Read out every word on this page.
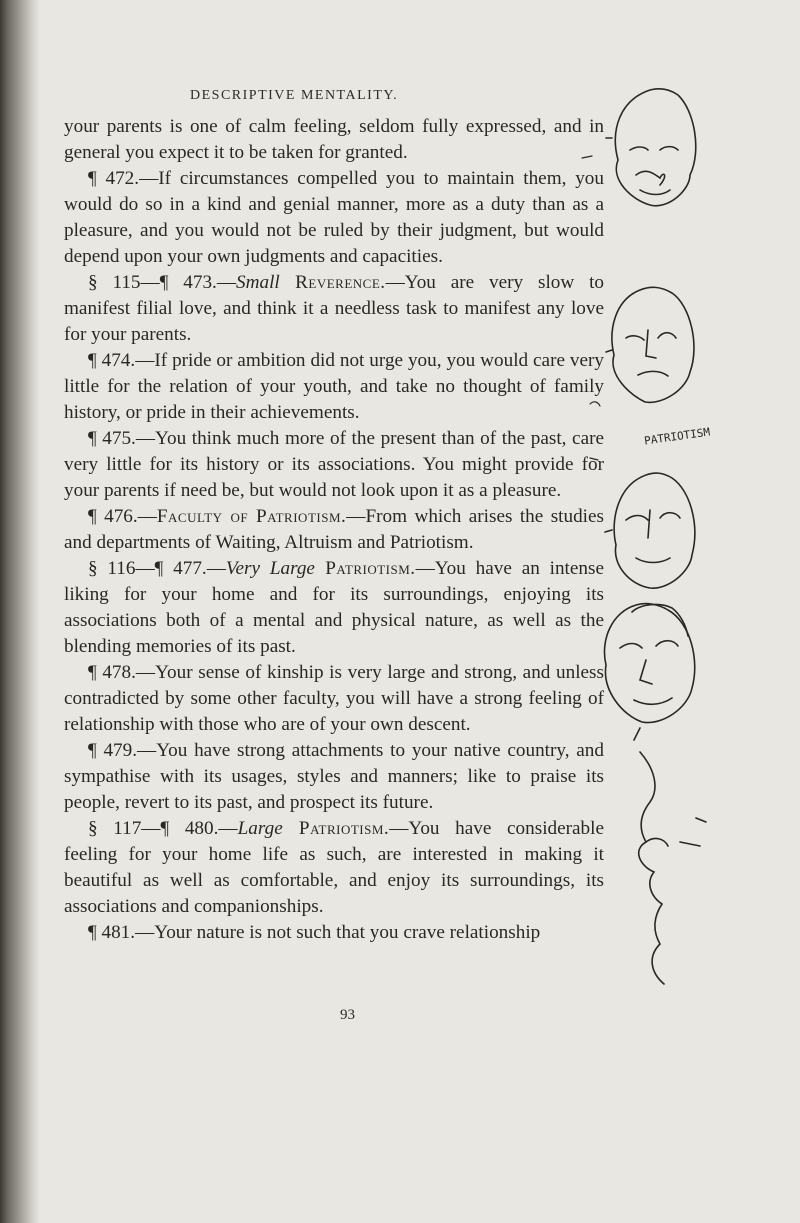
DESCRIPTIVE MENTALITY.

your parents is one of calm feeling, seldom fully expressed, and in general you expect it to be taken for granted.

¶ 472.—If circumstances compelled you to maintain them, you would do so in a kind and genial manner, more as a duty than as a pleasure, and you would not be ruled by their judgment, but would depend upon your own judgments and capacities.

§ 115—¶ 473.—Small Reverence.—You are very slow to manifest filial love, and think it a needless task to manifest any love for your parents.

¶ 474.—If pride or ambition did not urge you, you would care very little for the relation of your youth, and take no thought of family history, or pride in their achievements.

¶ 475.—You think much more of the present than of the past, care very little for its history or its associations. You might provide for your parents if need be, but would not look upon it as a pleasure.

¶ 476.—Faculty of Patriotism.—From which arises the studies and departments of Waiting, Altruism and Patriotism.

§ 116—¶ 477.—Very Large Patriotism.—You have an intense liking for your home and for its surroundings, enjoying its associations both of a mental and physical nature, as well as the blending memories of its past.

¶ 478.—Your sense of kinship is very large and strong, and unless contradicted by some other faculty, you will have a strong feeling of relationship with those who are of your own descent.

¶ 479.—You have strong attachments to your native country, and sympathise with its usages, styles and manners; like to praise its people, revert to its past, and prospect its future.

§ 117—¶ 480.—Large Patriotism.—You have considerable feeling for your home life as such, are interested in making it beautiful as well as comfortable, and enjoy its surroundings, its associations and companionships.

¶ 481.—Your nature is not such that you crave relationship

93
PATRIOTISM
